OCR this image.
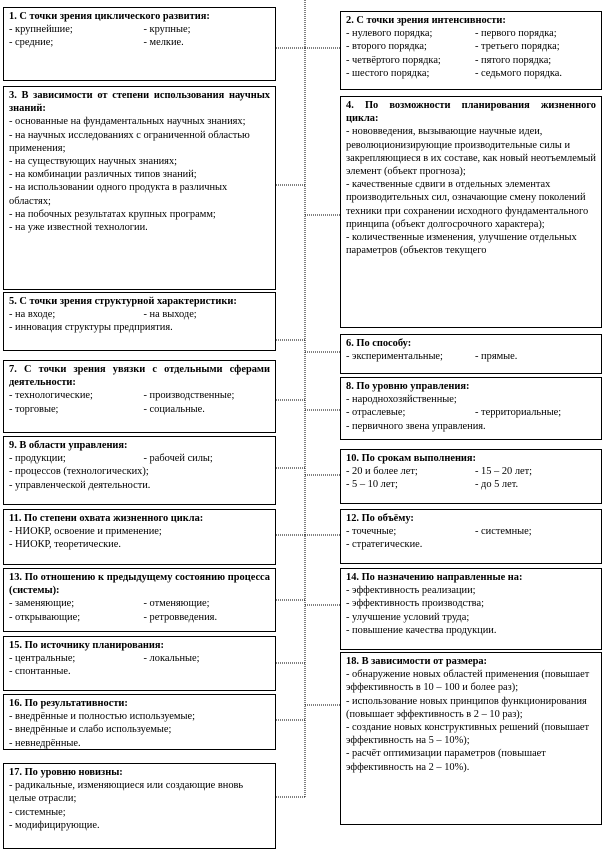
1. С точки зрения циклического развития:
- крупнейшие;	- крупные;
- средние;	- мелкие.
3. В зависимости от степени использования научных знаний:
- основанные на фундаментальных научных знаниях;
- на научных исследованиях с ограниченной областью применения;
- на существующих научных знаниях;
- на комбинации различных типов знаний;
- на использовании одного продукта в различных областях;
- на побочных результатах крупных программ;
- на уже известной технологии.
5. С точки зрения структурной характеристики:
- на входе;	- на выходе;
- инновация структуры предприятия.
7. С точки зрения увязки с отдельными сферами деятельности:
- технологические;	- производственные;
- торговые;	- социальные.
9. В области управления:
- продукции;	- рабочей силы;
- процессов (технологических);
- управленческой деятельности.
11. По степени охвата жизненного цикла:
- НИОКР, освоение и применение;
- НИОКР, теоретические.
13. По отношению к предыдущему состоянию процесса (системы):
- заменяющие;	- отменяющие;
- открывающие;	- ретровведения.
15. По источнику планирования:
- центральные;	- локальные;
- спонтанные.
16. По результативности:
- внедрённые и полностью используемые;
- внедрённые и слабо используемые;
- невнедрённые.
17. По уровню новизны:
- радикальные, изменяющиеся или создающие вновь целые отрасли;
- системные;
- модифицирующие.
2. С точки зрения интенсивности:
- нулевого порядка;	- первого порядка;
- второго порядка;	- третьего порядка;
- четвёртого порядка;	- пятого порядка;
- шестого порядка;	- седьмого порядка.
4. По возможности планирования жизненного цикла:
- нововведения, вызывающие научные идеи, революционизирующие производительные силы и закрепляющиеся в их составе, как новый неотъемлемый элемент (объект прогноза);
- качественные сдвиги в отдельных элементах производительных сил, означающие смену поколений техники при сохранении исходного фундаментального принципа (объект долгосрочного характера);
- количественные изменения, улучшение отдельных параметров (объектов текущего
6. По способу:
- экспериментальные;	- прямые.
8. По уровню управления:
- народнохозяйственные;
- отраслевые;	- территориальные;
- первичного звена управления.
10. По срокам выполнения:
- 20 и более лет;	- 15 – 20 лет;
- 5 – 10 лет;	- до 5 лет.
12. По объёму:
- точечные;	- системные;
- стратегические.
14. По назначению направленные на:
- эффективность реализации;
- эффективность производства;
- улучшение условий труда;
- повышение качества продукции.
18. В зависимости от размера:
- обнаружение новых областей применения (повышает эффективность в 10 – 100 и более раз);
- использование новых принципов функционирования (повышает эффективность в 2 – 10 раз);
- создание новых конструктивных решений (повышает эффективность на 5 – 10%);
- расчёт оптимизации параметров (повышает эффективность на 2 – 10%).
